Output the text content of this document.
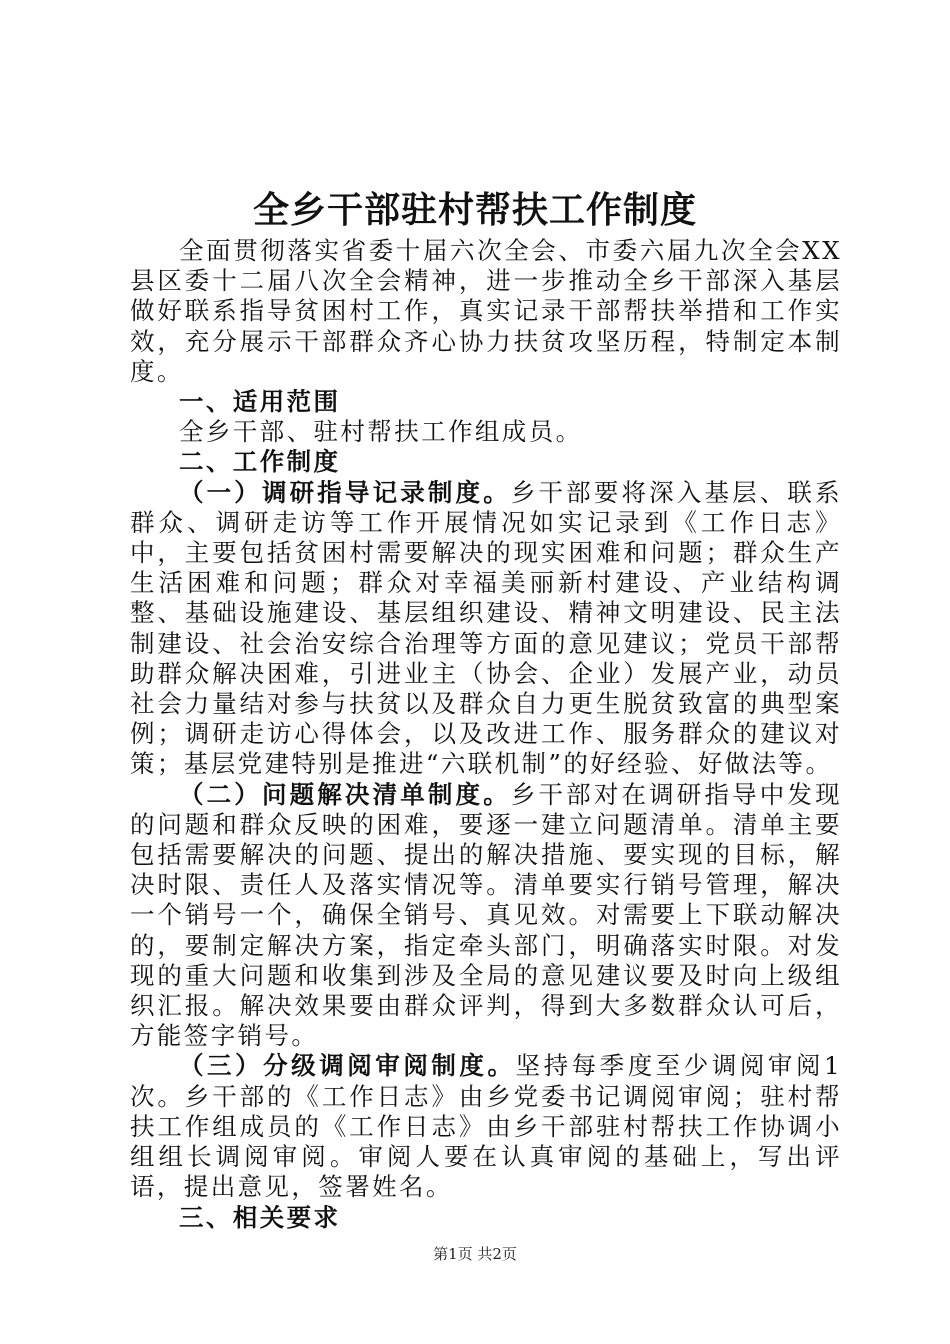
全乡干部驻村帮扶工作制度

全面贯彻落实省委十届六次全会、市委六届九次全会XX县区委十二届八次全会精神，进一步推动全乡干部深入基层做好联系指导贫困村工作，真实记录干部帮扶举措和工作实效，充分展示干部群众齐心协力扶贫攻坚历程，特制定本制度。

一、适用范围

全乡干部、驻村帮扶工作组成员。

二、工作制度

（一）调研指导记录制度。乡干部要将深入基层、联系群众、调研走访等工作开展情况如实记录到《工作日志》中，主要包括贫困村需要解决的现实困难和问题；群众生产生活困难和问题；群众对幸福美丽新村建设、产业结构调整、基础设施建设、基层组织建设、精神文明建设、民主法制建设、社会治安综合治理等方面的意见建议；党员干部帮助群众解决困难，引进业主（协会、企业）发展产业，动员社会力量结对参与扶贫以及群众自力更生脱贫致富的典型案例；调研走访心得体会，以及改进工作、服务群众的建议对策；基层党建特别是推进“六联机制”的好经验、好做法等。

（二）问题解决清单制度。乡干部对在调研指导中发现的问题和群众反映的困难，要逐一建立问题清单。清单主要包括需要解决的问题、提出的解决措施、要实现的目标，解决时限、责任人及落实情况等。清单要实行销号管理，解决一个销号一个，确保全销号、真见效。对需要上下联动解决的，要制定解决方案，指定牵头部门，明确落实时限。对发现的重大问题和收集到涉及全局的意见建议要及时向上级组织汇报。解决效果要由群众评判，得到大多数群众认可后，方能签字销号。

（三）分级调阅审阅制度。坚持每季度至少调阅审阅1次。乡干部的《工作日志》由乡党委书记调阅审阅；驻村帮扶工作组成员的《工作日志》由乡干部驻村帮扶工作协调小组组长调阅审阅。审阅人要在认真审阅的基础上，写出评语，提出意见，签署姓名。

三、相关要求

第1页 共2页
